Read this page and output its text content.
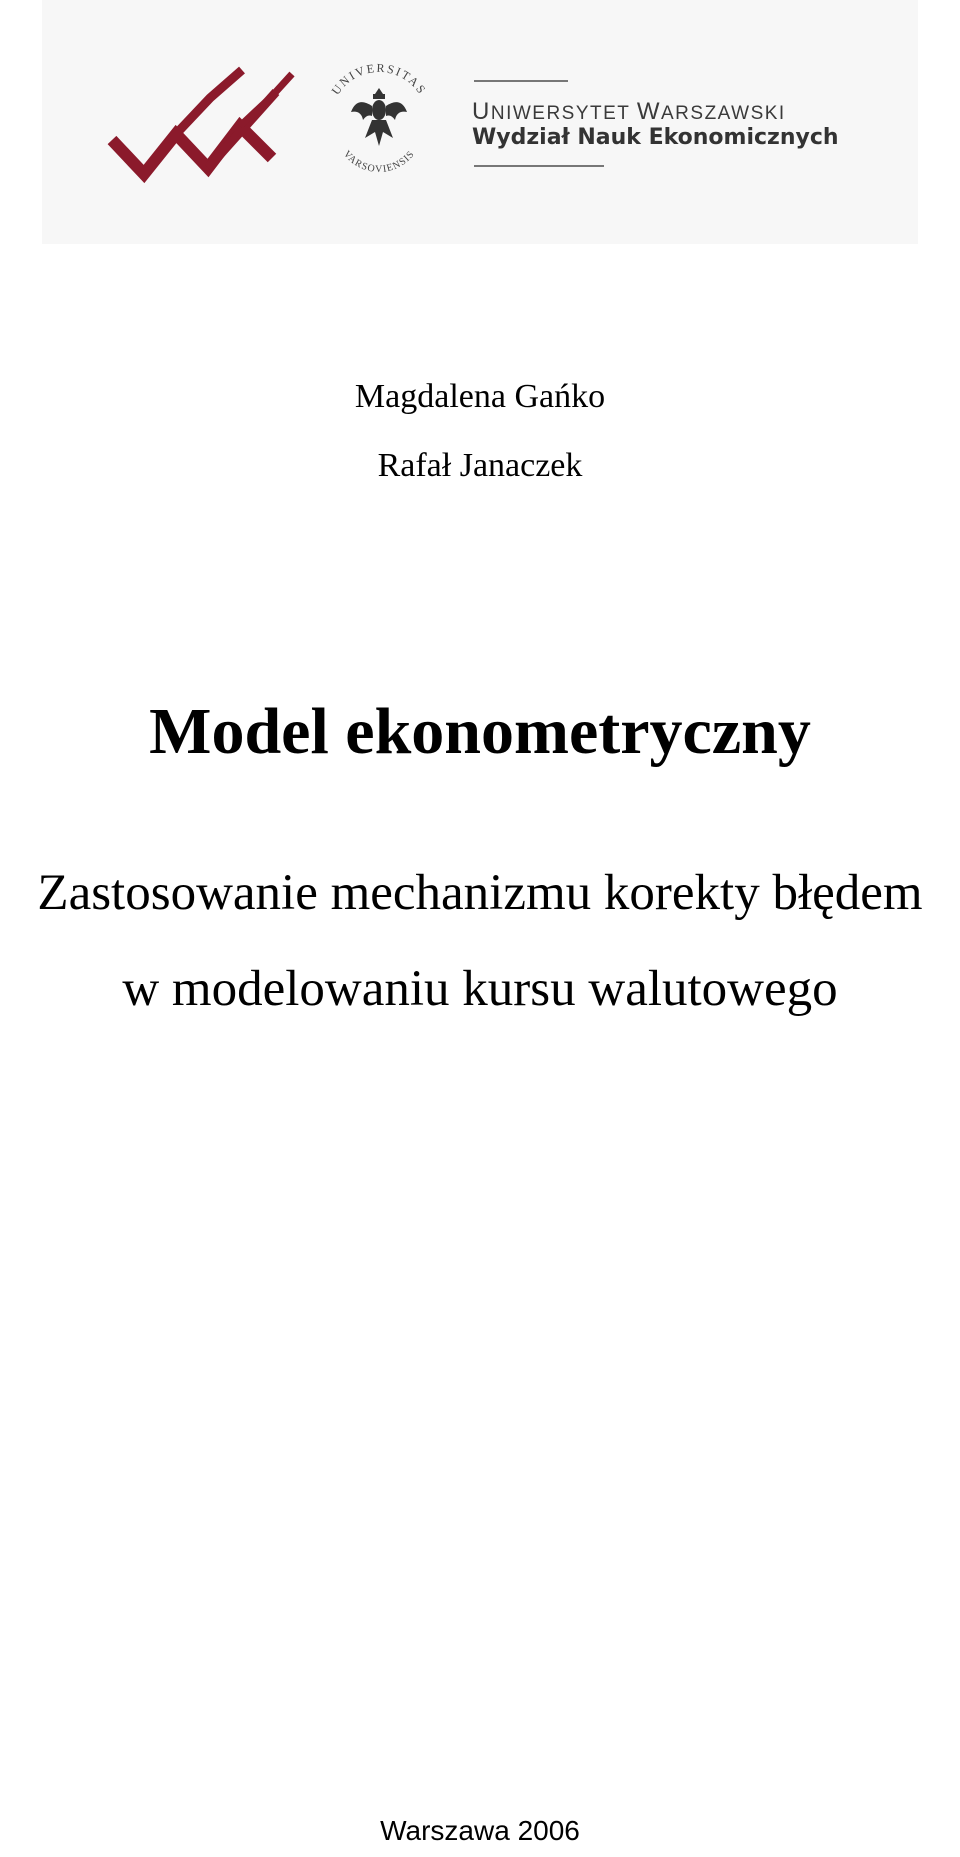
UNIVERSITAS
VARSOVIENSIS
UNIWERSYTET WARSZAWSKI
Wydział Nauk Ekonomicznych
Magdalena Gańko
Rafał Janaczek
Model ekonometryczny
Zastosowanie mechanizmu korekty błędem
w modelowaniu kursu walutowego
Warszawa 2006
